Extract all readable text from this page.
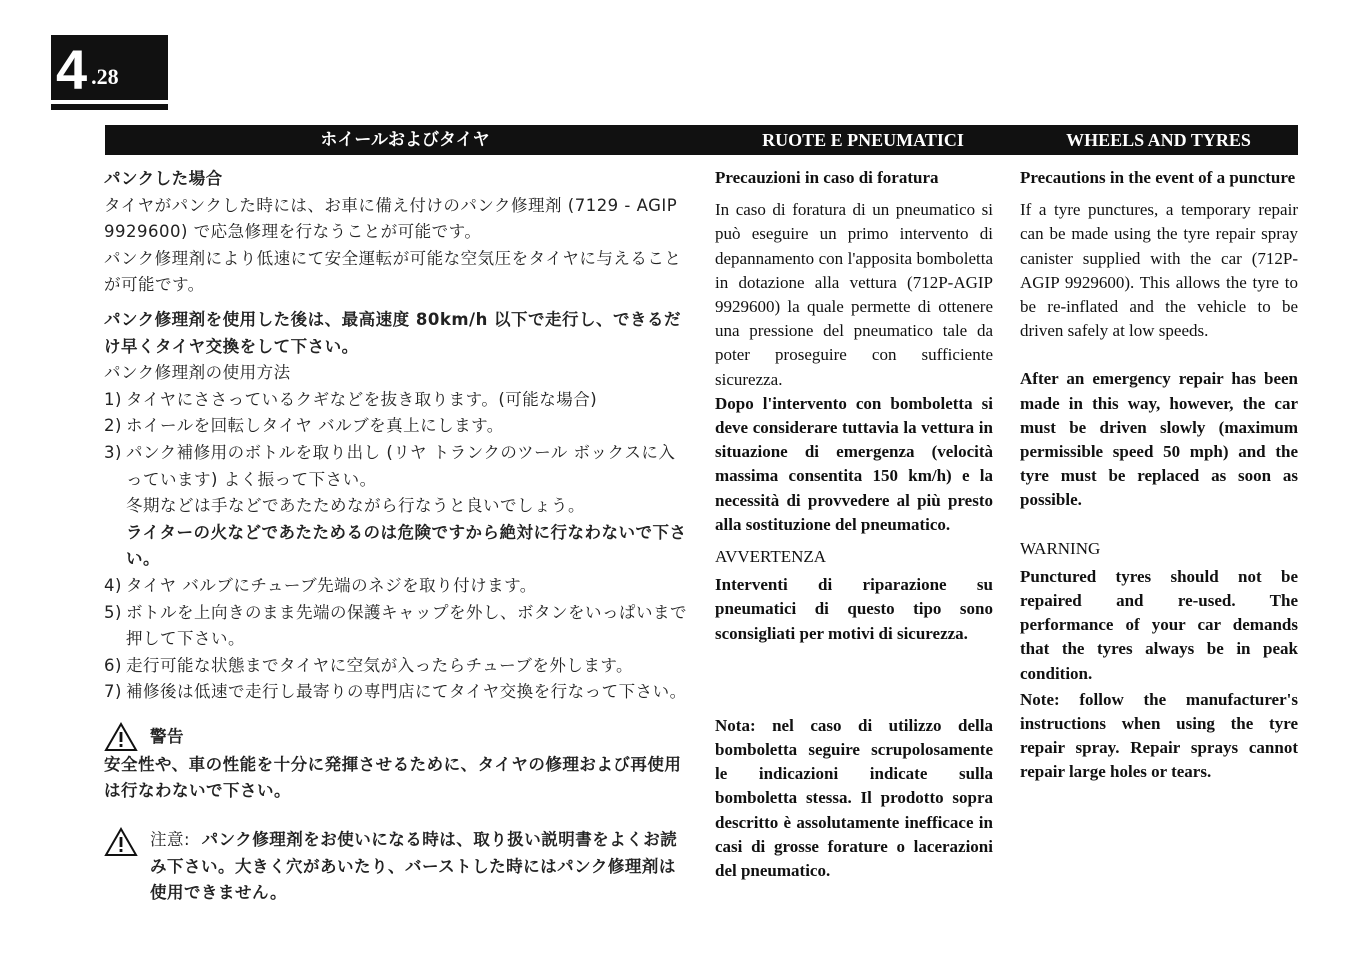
4 .28
ホイールおよびタイヤ	RUOTE E PNEUMATICI	WHEELS AND TYRES

パンクした場合

タイヤがパンクした時には、お車に備え付けのパンク修理剤 (7129 - AGIP 9929600) で応急修理を行なうことが可能です。

パンク修理剤により低速にて安全運転が可能な空気圧をタイヤに与えることが可能です。

パンク修理剤を使用した後は、最高速度 80km/h 以下で走行し、できるだけ早くタイヤ交換をして下さい。

パンク修理剤の使用方法

1) タイヤにささっているクギなどを抜き取ります。(可能な場合)
2) ホイールを回転しタイヤ バルブを真上にします。
3) パンク補修用のボトルを取り出し (リヤ トランクのツール ボックスに入っています) よく振って下さい。

冬期などは手などであたためながら行なうと良いでしょう。

ライターの火などであたためるのは危険ですから絶対に行なわないで下さい。

4) タイヤ バルブにチューブ先端のネジを取り付けます。
5) ボトルを上向きのまま先端の保護キャップを外し、ボタンをいっぱいまで押して下さい。
6) 走行可能な状態までタイヤに空気が入ったらチューブを外します。
7) 補修後は低速で走行し最寄りの専門店にてタイヤ交換を行なって下さい。
警告

安全性や、車の性能を十分に発揮させるために、タイヤの修理および再使用は行なわないで下さい。

注意: パンク修理剤をお使いになる時は、取り扱い説明書をよくお読み下さい。大きく穴があいたり、バーストした時にはパンク修理剤は使用できません。

Precauzioni in caso di foratura

In caso di foratura di un pneumatico si può eseguire un primo intervento di depannamento con l'apposita bomboletta in dotazione alla vettura (712P-AGIP 9929600) la quale permette di ottenere una pressione del pneumatico tale da poter proseguire con sufficiente sicurezza.

Dopo l'intervento con bomboletta si deve considerare tuttavia la vettura in situazione di emergenza (velocità massima consentita 150 km/h) e la necessità di provvedere al più presto alla sostituzione del pneumatico.

AVVERTENZA

Interventi di riparazione su pneumatici di questo tipo sono sconsigliati per motivi di sicurezza.

Nota: nel caso di utilizzo della bomboletta seguire scrupolosamente le indicazioni indicate sulla bomboletta stessa. Il prodotto sopra descritto è assolutamente inefficace in casi di grosse forature o lacerazioni del pneumatico.

Precautions in the event of a puncture

If a tyre punctures, a temporary repair can be made using the tyre repair spray canister supplied with the car (712P-AGIP 9929600). This allows the tyre to be re-inflated and the vehicle to be driven safely at low speeds.

After an emergency repair has been made in this way, however, the car must be driven slowly (maximum permissible speed 50 mph) and the tyre must be replaced as soon as possible.

WARNING

Punctured tyres should not be repaired and re-used. The performance of your car demands that the tyres always be in peak condition.

Note: follow the manufacturer's instructions when using the tyre repair spray. Repair sprays cannot repair large holes or tears.
